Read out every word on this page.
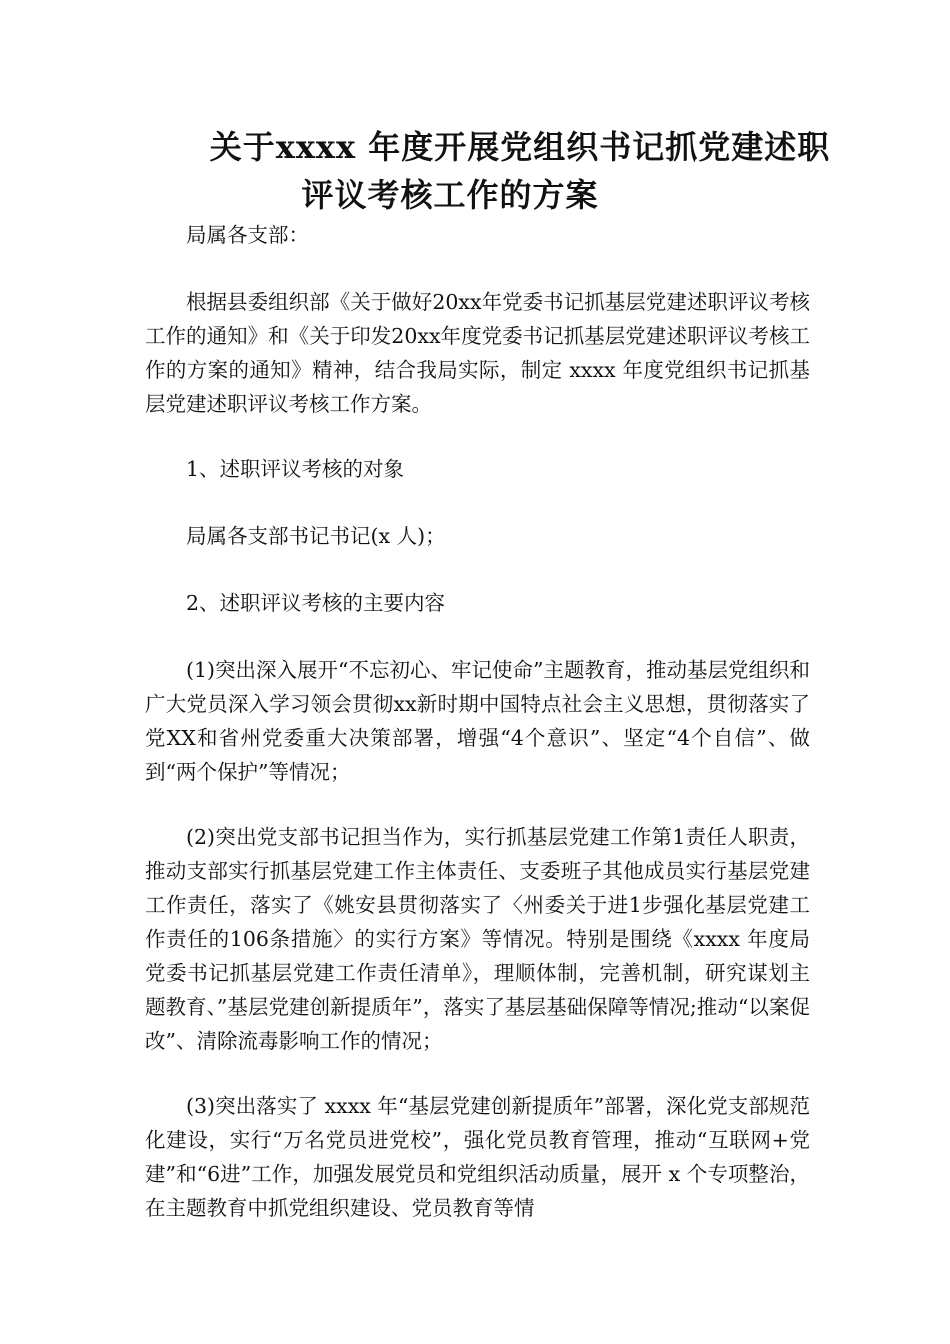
关于xxxx 年度开展党组织书记抓党建述职
评议考核工作的方案

局属各支部：

根据县委组织部《关于做好20xx年党委书记抓基层党建述职评议考核工作的通知》和《关于印发20xx年度党委书记抓基层党建述职评议考核工作的方案的通知》精神，结合我局实际，制定 xxxx 年度党组织书记抓基层党建述职评议考核工作方案。

1、述职评议考核的对象

局属各支部书记书记(x 人)；

2、述职评议考核的主要内容

(1)突出深入展开“不忘初心、牢记使命”主题教育，推动基层党组织和广大党员深入学习领会贯彻xx新时期中国特点社会主义思想，贯彻落实了党XX和省州党委重大决策部署，增强“4个意识”、坚定“4个自信”、做到“两个保护”等情况；

(2)突出党支部书记担当作为，实行抓基层党建工作第1责任人职责，推动支部实行抓基层党建工作主体责任、支委班子其他成员实行基层党建工作责任，落实了《姚安县贯彻落实了〈州委关于进1步强化基层党建工作责任的106条措施〉的实行方案》等情况。特别是围绕《xxxx 年度局党委书记抓基层党建工作责任清单》，理顺体制，完善机制，研究谋划主题教育、”基层党建创新提质年”，落实了基层基础保障等情况;推动“以案促改”、清除流毒影响工作的情况；

(3)突出落实了 xxxx 年“基层党建创新提质年”部署，深化党支部规范化建设，实行“万名党员进党校”，强化党员教育管理，推动“互联网+党建”和“6进”工作，加强发展党员和党组织活动质量，展开 x 个专项整治，在主题教育中抓党组织建设、党员教育等情
